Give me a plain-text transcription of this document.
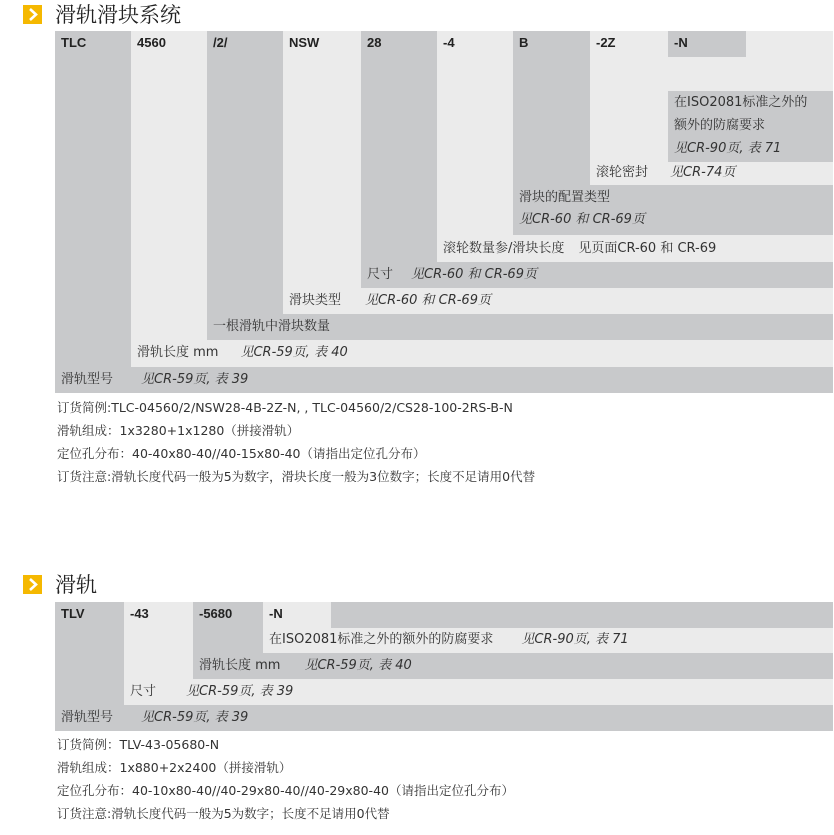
滑轨滑块系统
TLC	4560	/2/	NSW	28	-4	B	-2Z	-N
在ISO2081标准之外的
额外的防腐要求
见CR-90页, 表 71
滚轮密封 见CR-74页
滑块的配置类型
见CR-60 和 CR-69页
滚轮数量参/滑块长度 见页面CR-60 和 CR-69
尺寸 见CR-60 和 CR-69页
滑块类型 见CR-60 和 CR-69页
一根滑轨中滑块数量
滑轨长度 mm 见CR-59页, 表 40
滑轨型号 见CR-59页, 表 39
订货简例:TLC-04560/2/NSW28-4B-2Z-N, , TLC-04560/2/CS28-100-2RS-B-N
滑轨组成：1x3280+1x1280（拼接滑轨）
定位孔分布：40-40x80-40//40-15x80-40（请指出定位孔分布）
订货注意:滑轨长度代码一般为5为数字，滑块长度一般为3位数字；长度不足请用0代替
滑轨
TLV	-43	-5680	-N
在ISO2081标准之外的额外的防腐要求 见CR-90页, 表 71
滑轨长度 mm 见CR-59页, 表 40
尺寸 见CR-59页, 表 39
滑轨型号 见CR-59页, 表 39
订货简例：TLV-43-05680-N
滑轨组成：1x880+2x2400（拼接滑轨）
定位孔分布：40-10x80-40//40-29x80-40//40-29x80-40（请指出定位孔分布）
订货注意:滑轨长度代码一般为5为数字；长度不足请用0代替
